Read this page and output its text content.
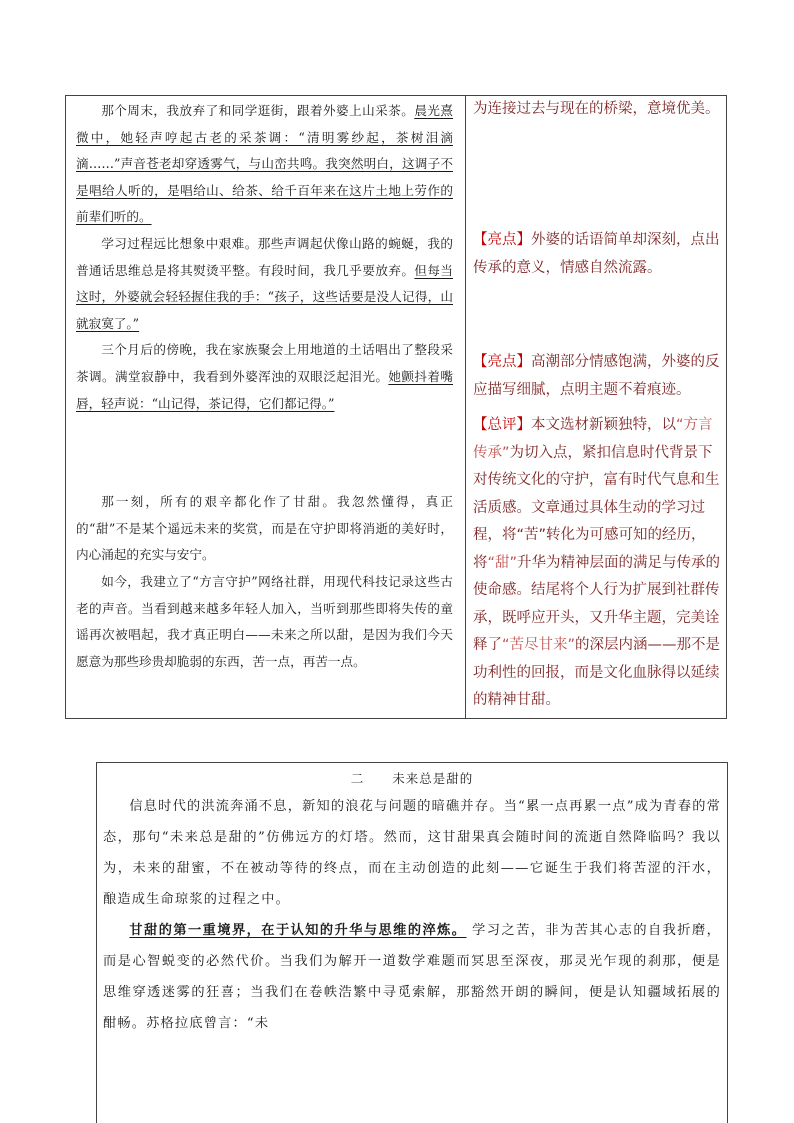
那个周末，我放弃了和同学逛街，跟着外婆上山采茶。晨光熹微中，她轻声哼起古老的采茶调：“清明雾纱起，茶树泪滴滴……”声音苍老却穿透雾气，与山峦共鸣。我突然明白，这调子不是唱给人听的，是唱给山、给茶、给千百年来在这片土地上劳作的前辈们听的。

学习过程远比想象中艰难。那些声调起伏像山路的蜿蜒，我的普通话思维总是将其熨烫平整。有段时间，我几乎要放弃。但每当这时，外婆就会轻轻握住我的手：“孩子，这些话要是没人记得，山就寂寞了。”

三个月后的傍晚，我在家族聚会上用地道的土话唱出了整段采茶调。满堂寂静中，我看到外婆浑浊的双眼泛起泪光。她颤抖着嘴唇，轻声说：“山记得，茶记得，它们都记得。”

那一刻，所有的艰辛都化作了甘甜。我忽然懂得，真正的“甜”不是某个遥远未来的奖赏，而是在守护即将消逝的美好时，内心涌起的充实与安宁。

如今，我建立了“方言守护”网络社群，用现代科技记录这些古老的声音。当看到越来越多年轻人加入，当听到那些即将失传的童谣再次被唱起，我才真正明白——未来之所以甜，是因为我们今天愿意为那些珍贵却脆弱的东西，苦一点，再苦一点。

为连接过去与现在的桥梁，意境优美。

【亮点】外婆的话语简单却深刻，点出传承的意义，情感自然流露。

【亮点】高潮部分情感饱满，外婆的反应描写细腻，点明主题不着痕迹。

【总评】本文选材新颖独特，以“方言传承”为切入点，紧扣信息时代背景下对传统文化的守护，富有时代气息和生活质感。文章通过具体生动的学习过程，将“苦”转化为可感可知的经历，将“甜”升华为精神层面的满足与传承的使命感。结尾将个人行为扩展到社群传承，既呼应开头，又升华主题，完美诠释了“苦尽甘来”的深层内涵——那不是功利性的回报，而是文化血脉得以延续的精神甘甜。

二 未来总是甜的

信息时代的洪流奔涌不息，新知的浪花与问题的暗礁并存。当“累一点再累一点”成为青春的常态，那句“未来总是甜的”仿佛远方的灯塔。然而，这甘甜果真会随时间的流逝自然降临吗？我以为，未来的甜蜜，不在被动等待的终点，而在主动创造的此刻——它诞生于我们将苦涩的汗水，酿造成生命琼浆的过程之中。

甘甜的第一重境界，在于认知的升华与思维的淬炼。 学习之苦，非为苦其心志的自我折磨，而是心智蜕变的必然代价。当我们为解开一道数学难题而冥思至深夜，那灵光乍现的刹那，便是思维穿透迷雾的狂喜；当我们在卷帙浩繁中寻觅索解，那豁然开朗的瞬间，便是认知疆域拓展的酣畅。苏格拉底曾言：“未
